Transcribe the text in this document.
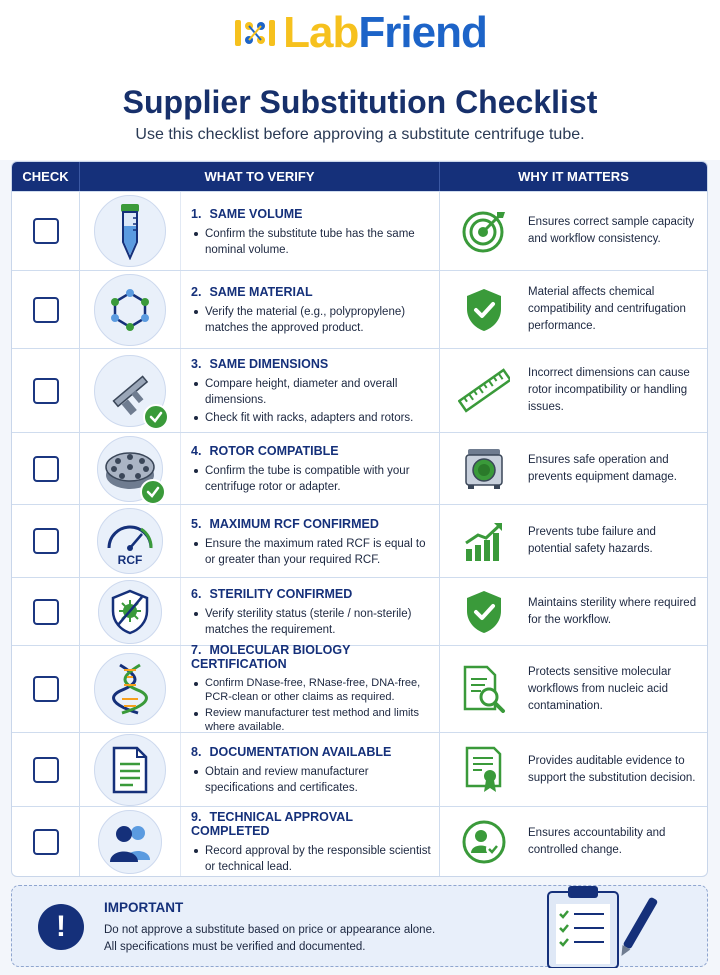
LabFriend
Supplier Substitution Checklist
Use this checklist before approving a substitute centrifuge tube.
CHECK	WHAT TO VERIFY	WHY IT MATTERS
1. SAME VOLUME
Confirm the substitute tube has the same nominal volume.
Ensures correct sample capacity and workflow consistency.
2. SAME MATERIAL
Verify the material (e.g., polypropylene) matches the approved product.
Material affects chemical compatibility and centrifugation performance.
3. SAME DIMENSIONS
Compare height, diameter and overall dimensions.
Check fit with racks, adapters and rotors.
Incorrect dimensions can cause rotor incompatibility or handling issues.
4. ROTOR COMPATIBLE
Confirm the tube is compatible with your centrifuge rotor or adapter.
Ensures safe operation and prevents equipment damage.
RCF
5. MAXIMUM RCF CONFIRMED
Ensure the maximum rated RCF is equal to or greater than your required RCF.
Prevents tube failure and potential safety hazards.
6. STERILITY CONFIRMED
Verify sterility status (sterile / non-sterile) matches the requirement.
Maintains sterility where required for the workflow.
7. MOLECULAR BIOLOGY CERTIFICATION
Confirm DNase-free, RNase-free, DNA-free, PCR-clean or other claims as required.
Review manufacturer test method and limits where available.
Protects sensitive molecular workflows from nucleic acid contamination.
8. DOCUMENTATION AVAILABLE
Obtain and review manufacturer specifications and certificates.
Provides auditable evidence to support the substitution decision.
9. TECHNICAL APPROVAL COMPLETED
Record approval by the responsible scientist or technical lead.
Ensures accountability and controlled change.
!
IMPORTANT
Do not approve a substitute based on price or appearance alone.
All specifications must be verified and documented.
